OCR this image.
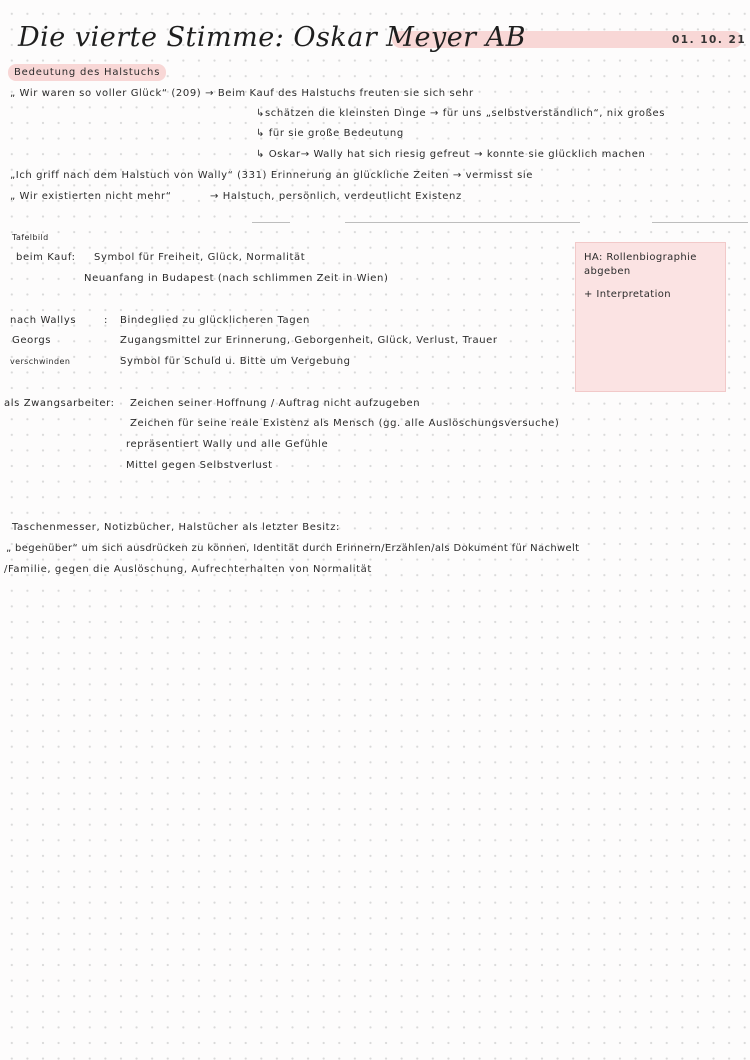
Die vierte Stimme: Oskar Meyer AB	01. 10. 21
Bedeutung des Halstuchs
„ Wir waren so voller Glück“ (209) → Beim Kauf des Halstuchs freuten sie sich sehr
↳schätzen die kleinsten Dinge → für uns „selbstverständlich“, nix großes
↳ für sie große Bedeutung
↳ Oskar→ Wally hat sich riesig gefreut → konnte sie glücklich machen
„Ich griff nach dem Halstuch von Wally“ (331) Erinnerung an glückliche Zeiten → vermisst sie
„ Wir existierten nicht mehr“	→ Halstuch, persönlich, verdeutlicht Existenz
Tafelbild
beim Kauf: Symbol für Freiheit, Glück, Normalität
Neuanfang in Budapest (nach schlimmen Zeit in Wien)
nach Wallys
Georgs
verschwinden
: Bindeglied zu glücklicheren Tagen
Zugangsmittel zur Erinnerung, Geborgenheit, Glück, Verlust, Trauer
Symbol für Schuld u. Bitte um Vergebung
als Zwangsarbeiter: Zeichen seiner Hoffnung / Auftrag nicht aufzugeben
Zeichen für seine reale Existenz als Mensch (gg. alle Auslöschungsversuche)
repräsentiert Wally und alle Gefühle
Mittel gegen Selbstverlust
HA: Rollenbiographie abgeben
+ Interpretation
Taschenmesser, Notizbücher, Halstücher als letzter Besitz:
„ begenüber“ um sich ausdrücken zu können, Identität durch Erinnern/Erzählen/als Dokument für Nachwelt
/Familie, gegen die Auslöschung, Aufrechterhalten von Normalität
